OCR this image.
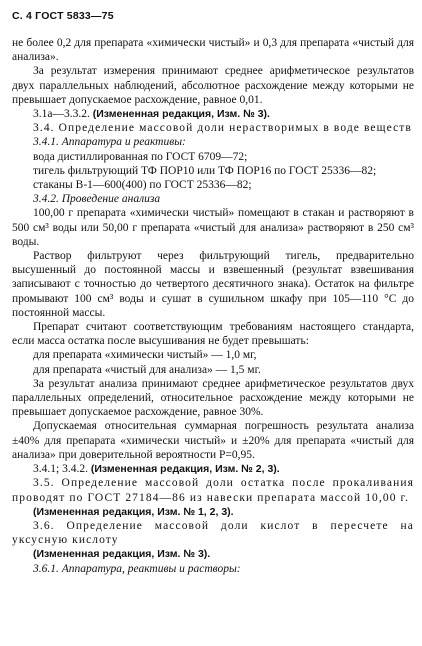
С. 4 ГОСТ 5833—75

не более 0,2 для препарата «химически чистый» и 0,3 для препарата «чистый для анализа».

За результат измерения принимают среднее арифметическое результатов двух параллельных наблюдений, абсолютное расхождение между которыми не превышает допускаемое расхождение, равное 0,01.

3.1а—3.3.2. (Измененная редакция, Изм. № 3).

3.4. Определение массовой доли нерастворимых в воде веществ

3.4.1. Аппаратура и реактивы:

вода дистиллированная по ГОСТ 6709—72;

тигель фильтрующий ТФ ПОР10 или ТФ ПОР16 по ГОСТ 25336—82;

стаканы В-1—600(400) по ГОСТ 25336—82;

3.4.2. Проведение анализа

100,00 г препарата «химически чистый» помещают в стакан и растворяют в 500 см³ воды или 50,00 г препарата «чистый для анализа» растворяют в 250 см³ воды.

Раствор фильтруют через фильтрующий тигель, предварительно высушенный до постоянной массы и взвешенный (результат взвешивания записывают с точностью до четвертого десятичного знака). Остаток на фильтре промывают 100 см³ воды и сушат в сушильном шкафу при 105—110 °С до постоянной массы.

Препарат считают соответствующим требованиям настоящего стандарта, если масса остатка после высушивания не будет превышать:

для препарата «химически чистый» — 1,0 мг,

для препарата «чистый для анализа» — 1,5 мг.

За результат анализа принимают среднее арифметическое результатов двух параллельных определений, относительное расхождение между которыми не превышает допускаемое расхождение, равное 30%.

Допускаемая относительная суммарная погрешность результата анализа ±40% для препарата «химически чистый» и ±20% для препарата «чистый для анализа» при доверительной вероятности Р=0,95.

3.4.1; 3.4.2. (Измененная редакция, Изм. № 2, 3).

3.5. Определение массовой доли остатка после прокаливания проводят по ГОСТ 27184—86 из навески препарата массой 10,00 г.

(Измененная редакция, Изм. № 1, 2, 3).

3.6. Определение массовой доли кислот в пересчете на уксусную кислоту

(Измененная редакция, Изм. № 3).

3.6.1. Аппаратура, реактивы и растворы:
